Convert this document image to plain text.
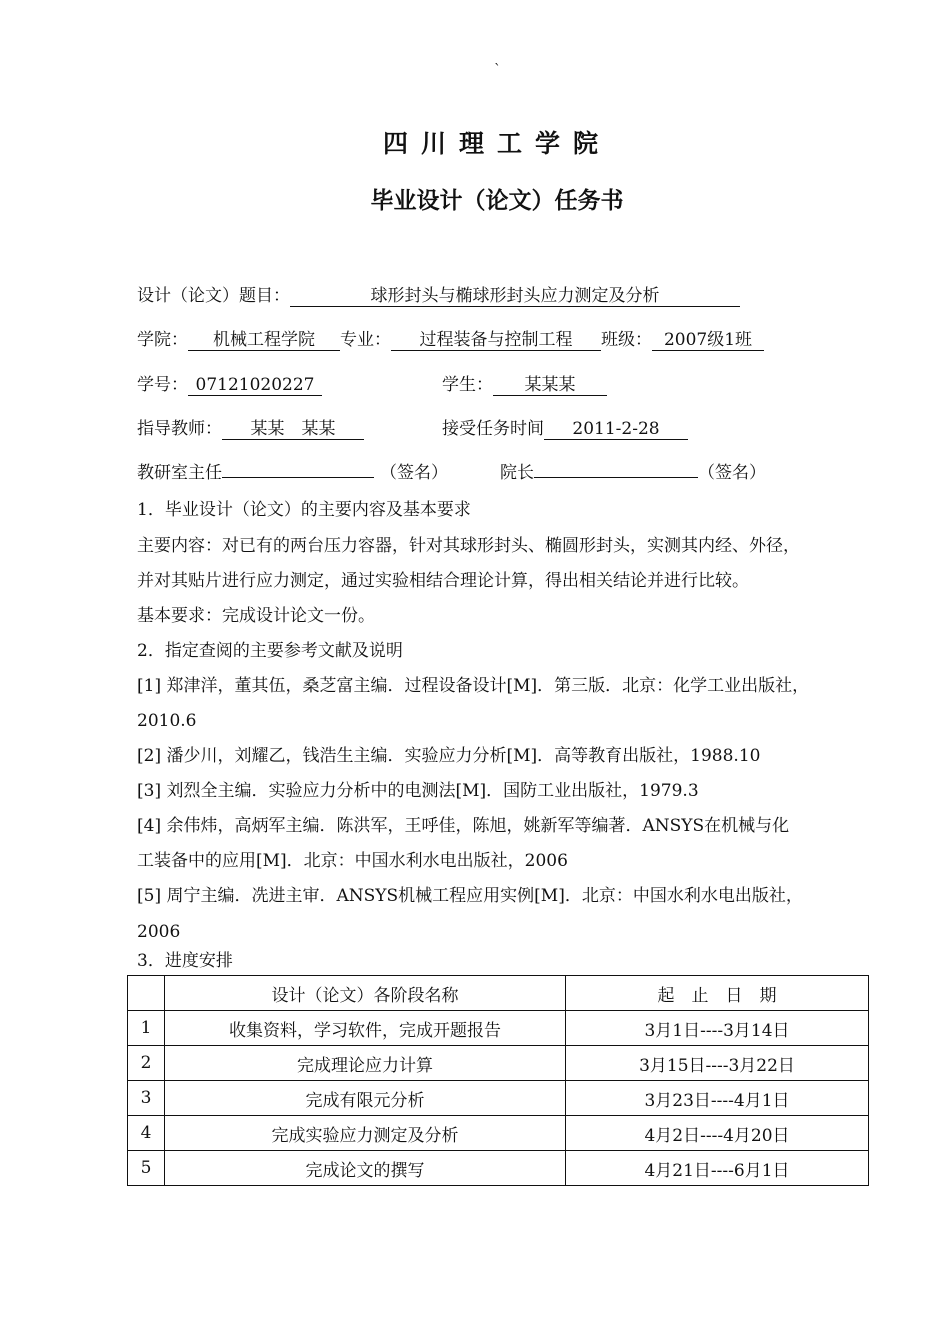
`
四川理工学院
毕业设计（论文）任务书
设计（论文）题目：	球形封头与椭球形封头应力测定及分析
学院： 机械工程学院 专业： 过程装备与控制工程 班级： 2007级1班
学号： 07121020227	学生： 某某某
指导教师： 某某　某某	接受任务时间 2011-2-28
教研室主任	（签名）	院长	（签名）
1．毕业设计（论文）的主要内容及基本要求
主要内容：对已有的两台压力容器，针对其球形封头、椭圆形封头，实测其内经、外径，
并对其贴片进行应力测定，通过实验相结合理论计算，得出相关结论并进行比较。
基本要求：完成设计论文一份。
2．指定查阅的主要参考文献及说明
[1] 郑津洋，董其伍，桑芝富主编．过程设备设计[M]．第三版．北京：化学工业出版社，
2010.6
[2] 潘少川，刘耀乙，钱浩生主编．实验应力分析[M]．高等教育出版社，1988.10
[3] 刘烈全主编．实验应力分析中的电测法[M]．国防工业出版社，1979.3
[4] 余伟炜，高炳军主编．陈洪军，王呼佳，陈旭，姚新军等编著．ANSYS在机械与化
工装备中的应用[M]．北京：中国水利水电出版社，2006
[5] 周宁主编．冼进主审．ANSYS机械工程应用实例[M]．北京：中国水利水电出版社，
2006
3．进度安排
	设计（论文）各阶段名称	起　止　日　期
1	收集资料，学习软件，完成开题报告	3月1日----3月14日
2	完成理论应力计算	3月15日----3月22日
3	完成有限元分析	3月23日----4月1日
4	完成实验应力测定及分析	4月2日----4月20日
5	完成论文的撰写	4月21日----6月1日
